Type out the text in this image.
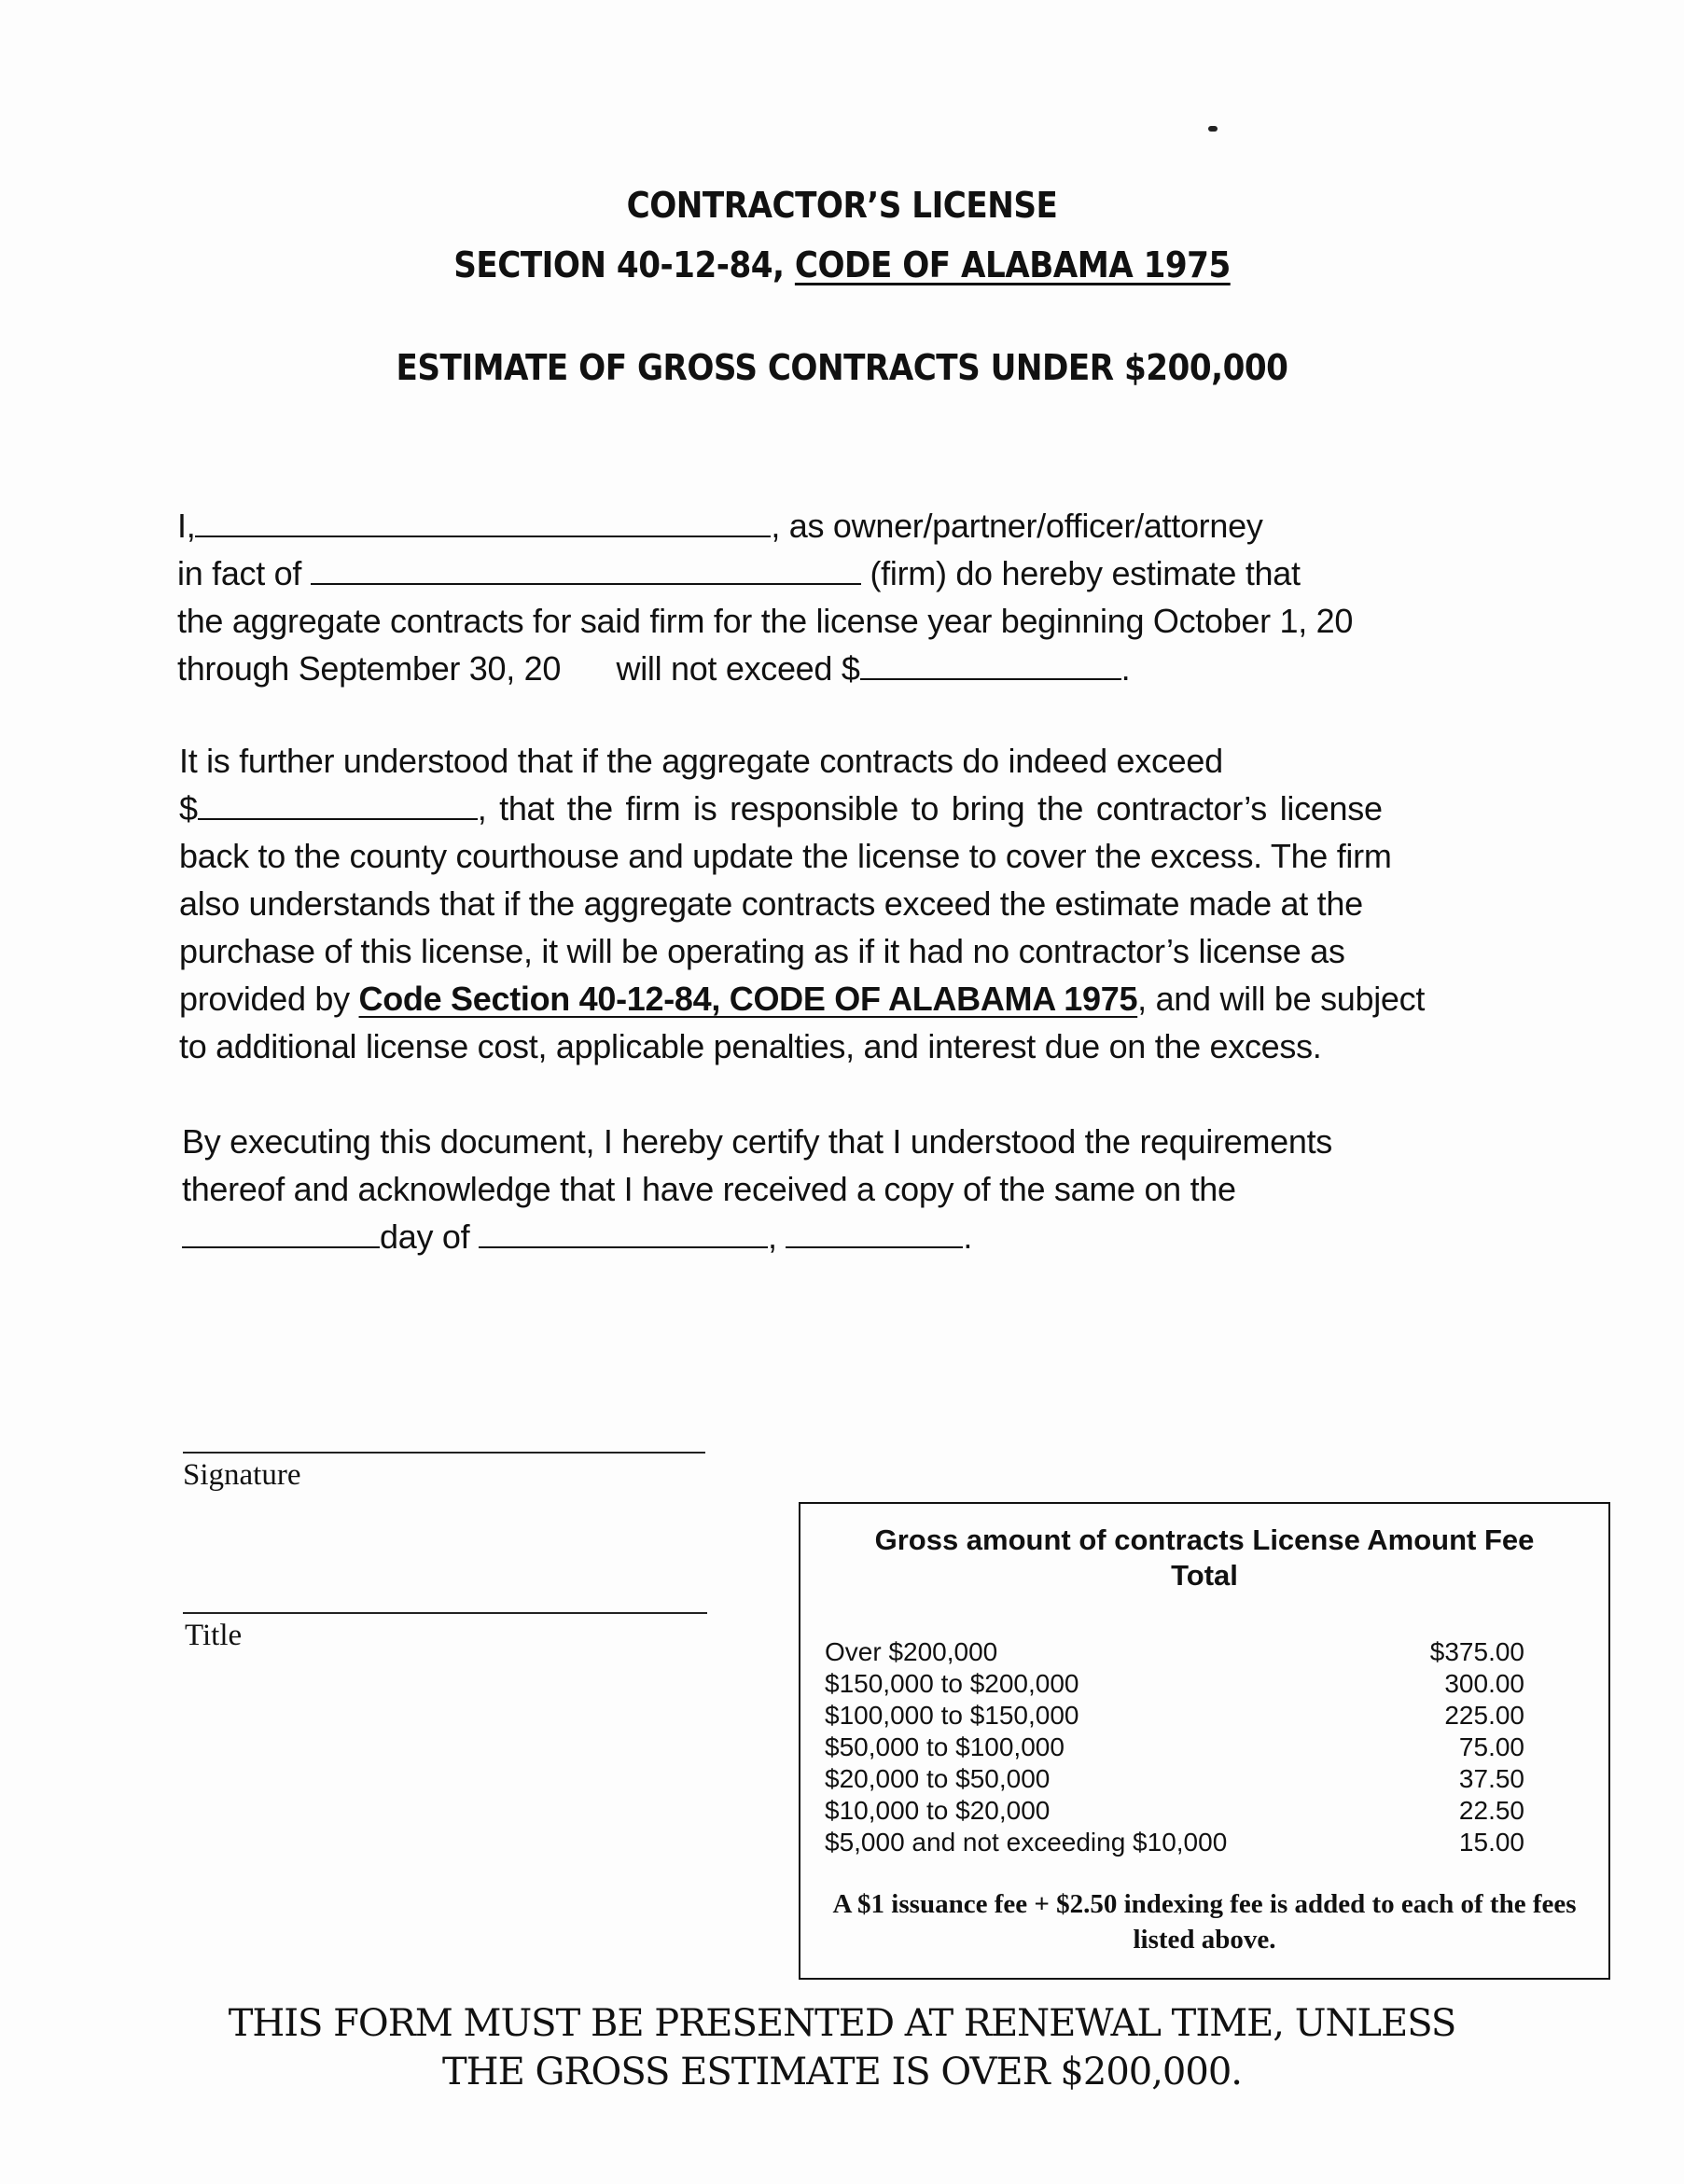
CONTRACTOR’S LICENSE
SECTION 40-12-84, CODE OF ALABAMA 1975
ESTIMATE OF GROSS CONTRACTS UNDER $200,000
I,	, as owner/partner/officer/attorney
in fact of	(firm) do hereby estimate that
the aggregate contracts for said firm for the license year beginning October 1, 20
through September 30, 20 will not exceed $	.
It is further understood that if the aggregate contracts do indeed exceed
$	, that the firm is responsible to bring the contractor’s license
back to the county courthouse and update the license to cover the excess. The firm
also understands that if the aggregate contracts exceed the estimate made at the
purchase of this license, it will be operating as if it had no contractor’s license as
provided by Code Section 40-12-84, CODE OF ALABAMA 1975, and will be subject
to additional license cost, applicable penalties, and interest due on the excess.
By executing this document, I hereby certify that I understood the requirements
thereof and acknowledge that I have received a copy of the same on the
day of	,	.
Signature
Title
Gross amount of contracts License Amount Fee Total
Over $200,000	$375.00
$150,000 to $200,000	300.00
$100,000 to $150,000	225.00
$50,000 to $100,000	75.00
$20,000 to $50,000	37.50
$10,000 to $20,000	22.50
$5,000 and not exceeding $10,000	15.00
A $1 issuance fee + $2.50 indexing fee is added to each of the fees listed above.
THIS FORM MUST BE PRESENTED AT RENEWAL TIME, UNLESS
THE GROSS ESTIMATE IS OVER $200,000.
